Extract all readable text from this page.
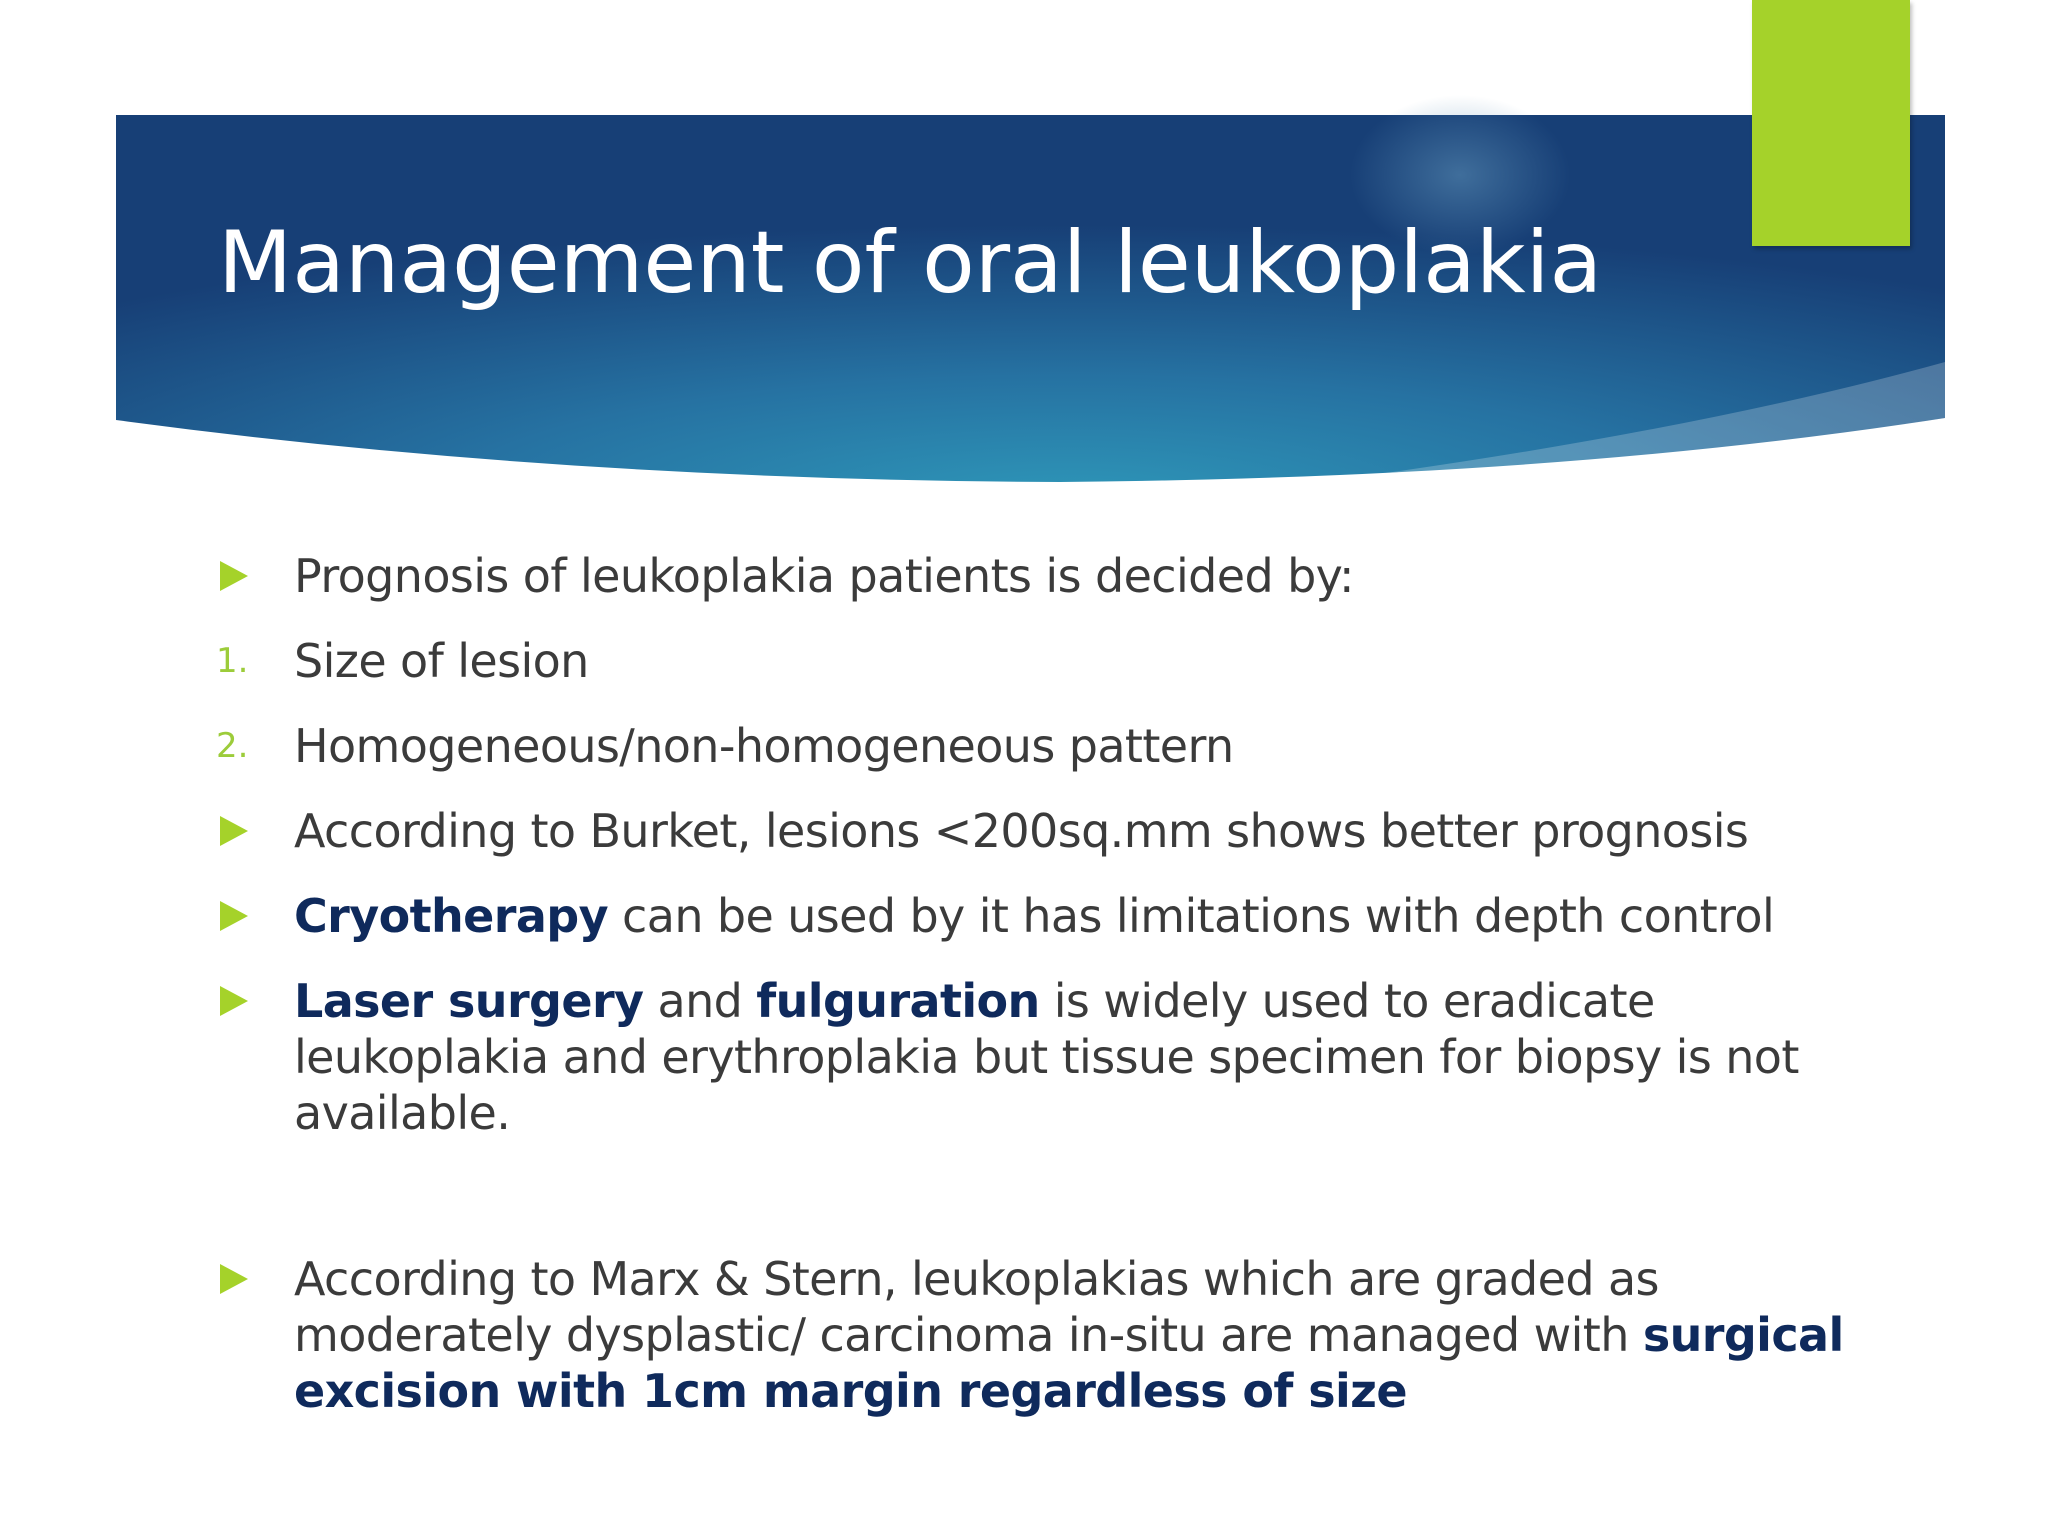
Management of oral leukoplakia
Prognosis of leukoplakia patients is decided by:
1. Size of lesion
2. Homogeneous/non-homogeneous pattern
According to Burket, lesions <200sq.mm shows better prognosis
Cryotherapy can be used by it has limitations with depth control
Laser surgery and fulguration is widely used to eradicate leukoplakia and erythroplakia but tissue specimen for biopsy is not available.
According to Marx & Stern, leukoplakias which are graded as moderately dysplastic/ carcinoma in-situ are managed with surgical excision with 1cm margin regardless of size
